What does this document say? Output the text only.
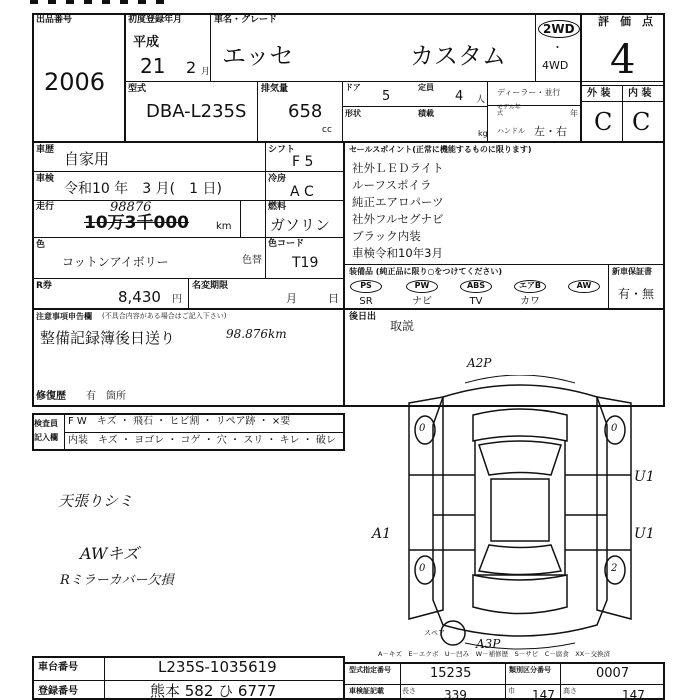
出品番号
2006
初度登録年月
平成
21 2 月
車名・グレード
エッセ	カスタム
2WD
・
4WD
評　価　点
4
外 装 内 装
C C
型式
DBA-L235S
排気量
658
cc
ドア
5
定員
4 人
形状	積載
kg
ディーラー・並行
モデル年式	年
ハンドル 左・右
車歴 自家用	シフト
F 5
車検
令和10 年　3 月(　1 日)
冷房
A C
走行	98876
10万3千000	km
燃料
ガソリン
色
コットンアイボリー	色替
色コード
T19
R券
8,430 円
名変期限
月	日
セールスポイント(正常に機能するものに限ります)
社外ＬＥＤライト
ルーフスポイラ
純正エアロパーツ
社外フルセグナビ
ブラック内装
車検令和10年3月
装備品 (純正品に限り○をつけてください)
PS	PW	ABS	エアB	AW
SR	ナビ	TV	カワ
新車保証書
有・無
注意事項申告欄 (不具合内容がある場合はご記入下さい)
整備記録簿後日送り	98.876km
修復歴 有　箇所
後日出
取説
検査員
記入欄
F W　キズ ・ 飛石 ・ ヒビ割 ・ リペア跡 ・ ×要
内装　キズ ・ ヨゴレ ・ コゲ ・ 穴 ・ スリ ・ キレ ・ 破レ
天張りシミ
AWキズ
Rミラーカバー欠損
A2P
U1
A1	U1
A3P
0	0
0	2
スペア
A－キズ　E－エクボ　U－凹み　W－補修歴　S－サビ　C－腐食　XX－交換済
車台番号	L235S-1035619
登録番号	熊本 582 ひ 6777
型式指定番号	15235	類別区分番号	0007
車検証記載	長さ 339	巾 147 高さ	147
